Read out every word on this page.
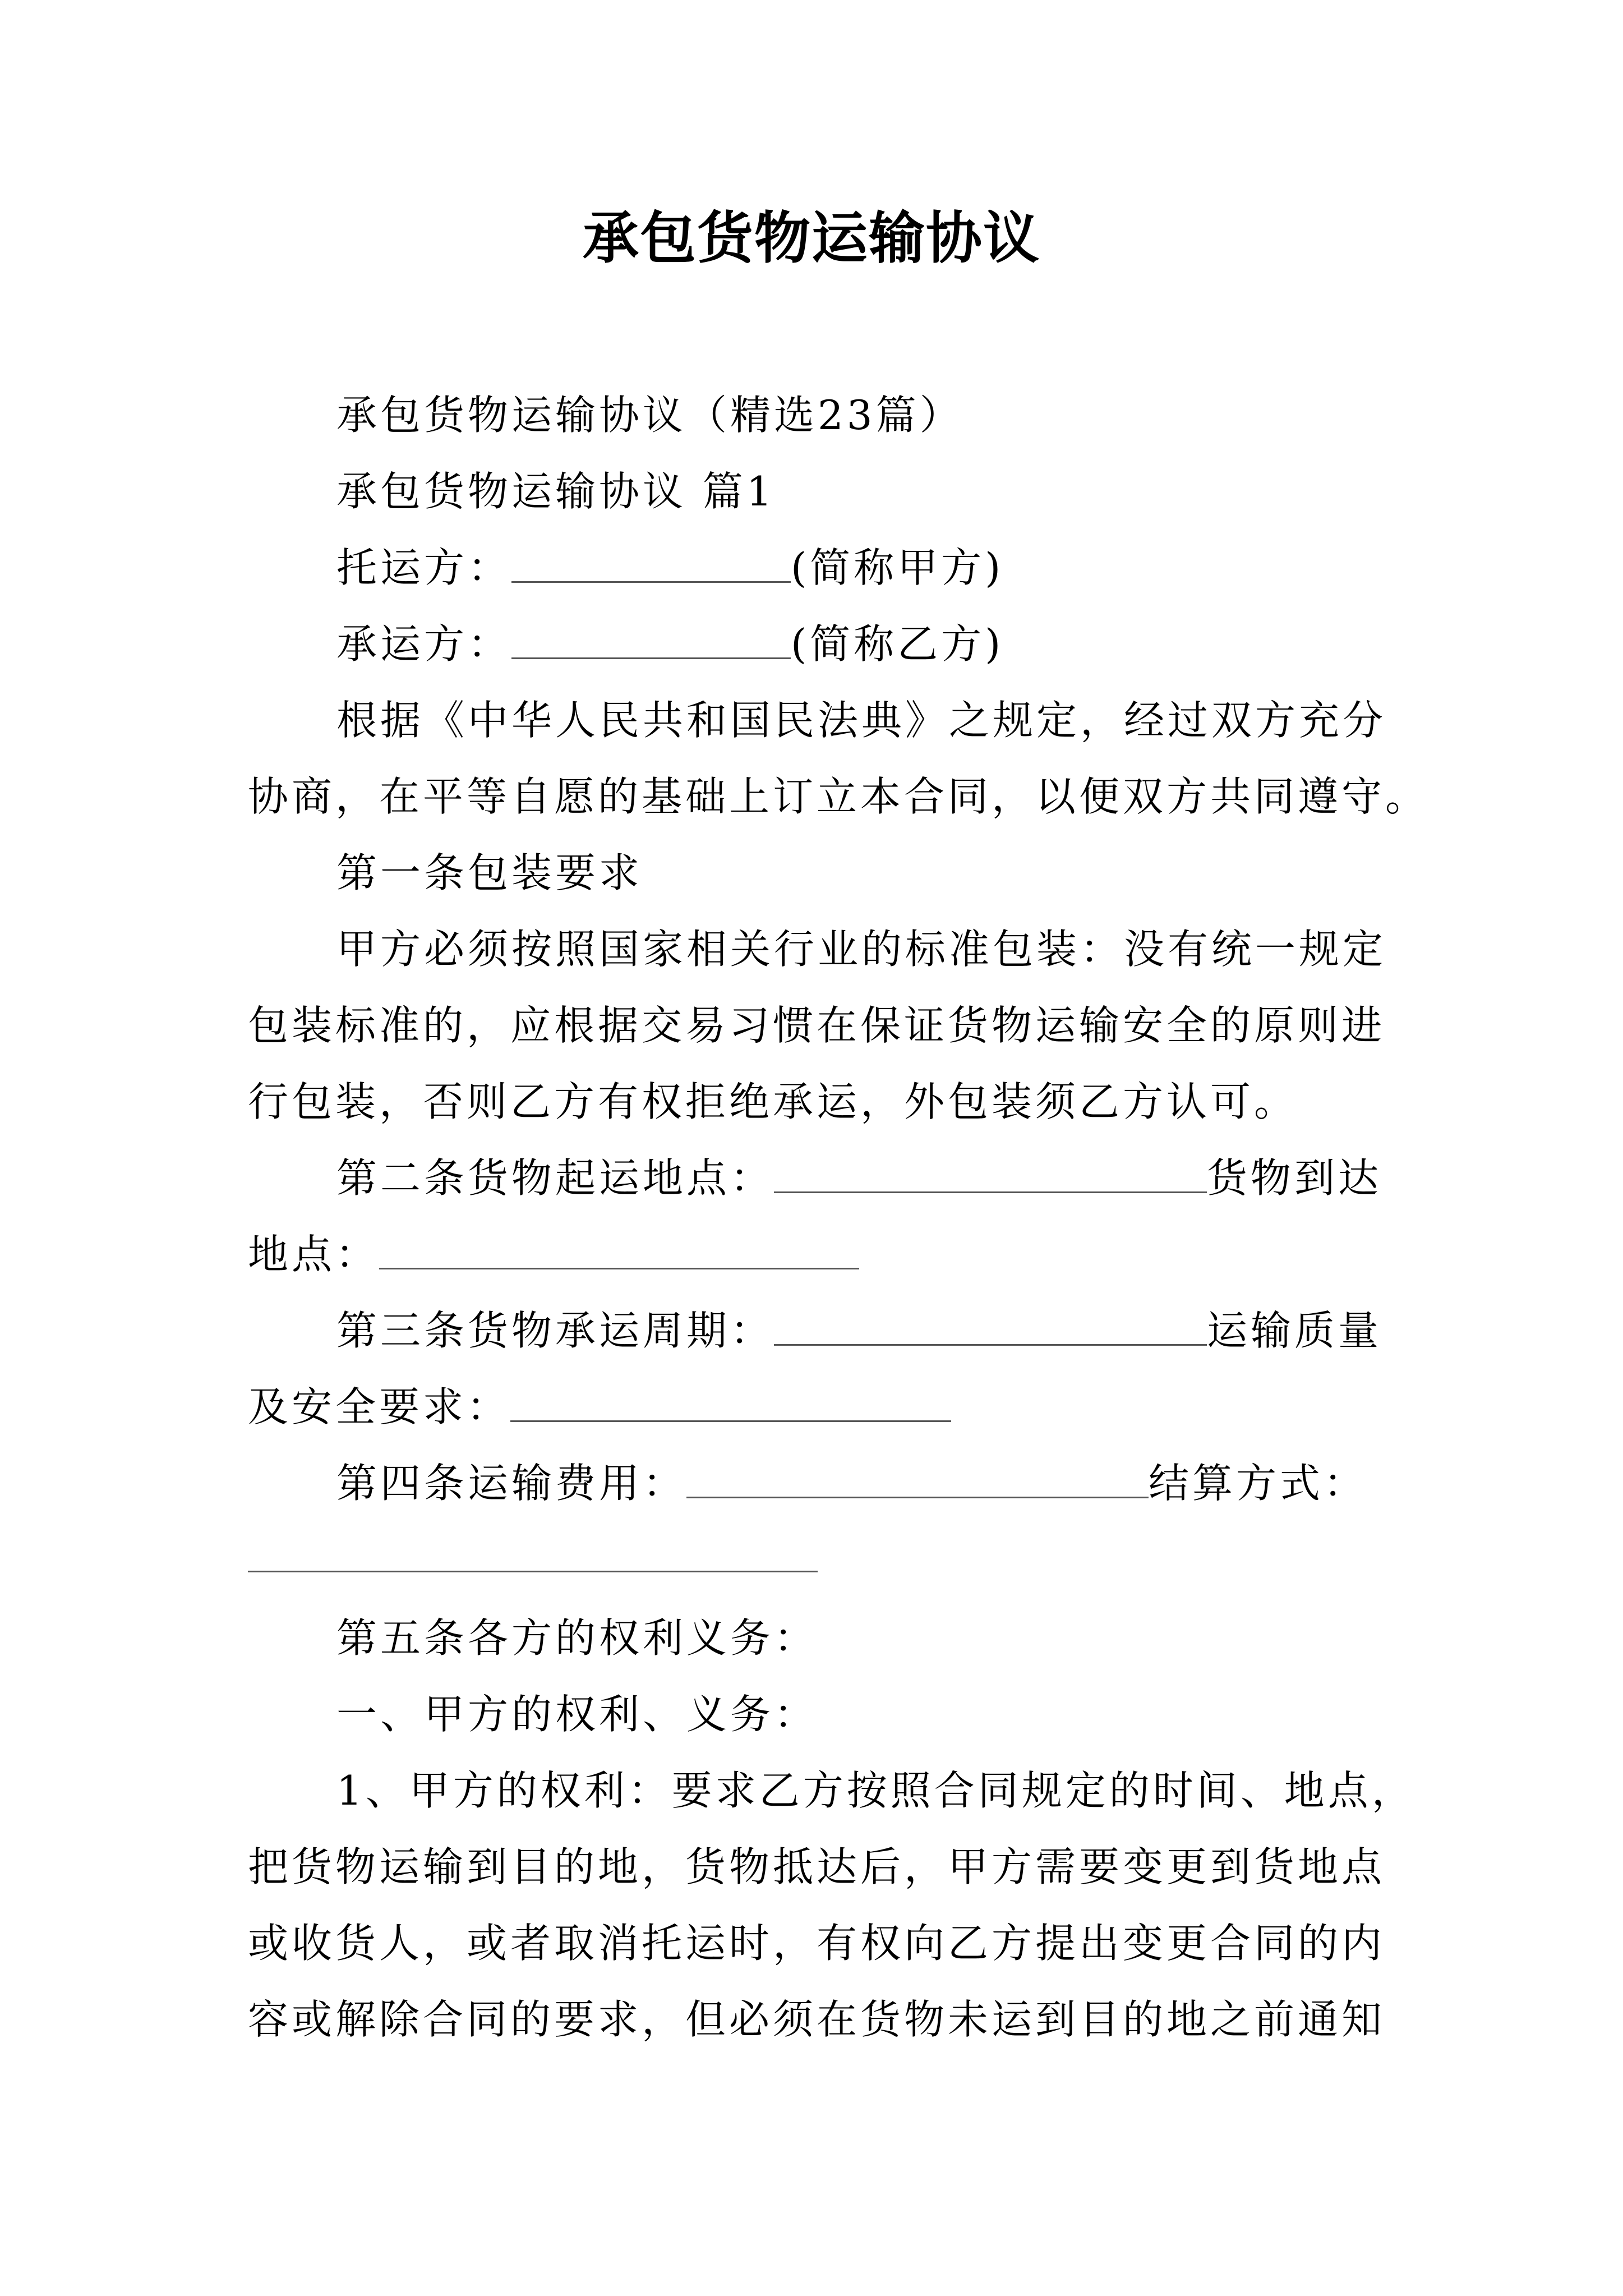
承包货物运输协议
承包货物运输协议（精选23篇）
承包货物运输协议 篇1
托运方：	(简称甲方)
承运方：	(简称乙方)
根据《中华人民共和国民法典》之规定，经过双方充分
协商，在平等自愿的基础上订立本合同，以便双方共同遵守。
第一条包装要求
甲方必须按照国家相关行业的标准包装：没有统一规定
包装标准的，应根据交易习惯在保证货物运输安全的原则进
行包装，否则乙方有权拒绝承运，外包装须乙方认可。
第二条货物起运地点：	货物到达
地点：
第三条货物承运周期：	运输质量
及安全要求：
第四条运输费用：	结算方式：
第五条各方的权利义务：
一、甲方的权利、义务：
1、甲方的权利：要求乙方按照合同规定的时间、地点，
把货物运输到目的地，货物抵达后，甲方需要变更到货地点
或收货人，或者取消托运时，有权向乙方提出变更合同的内
容或解除合同的要求，但必须在货物未运到目的地之前通知
